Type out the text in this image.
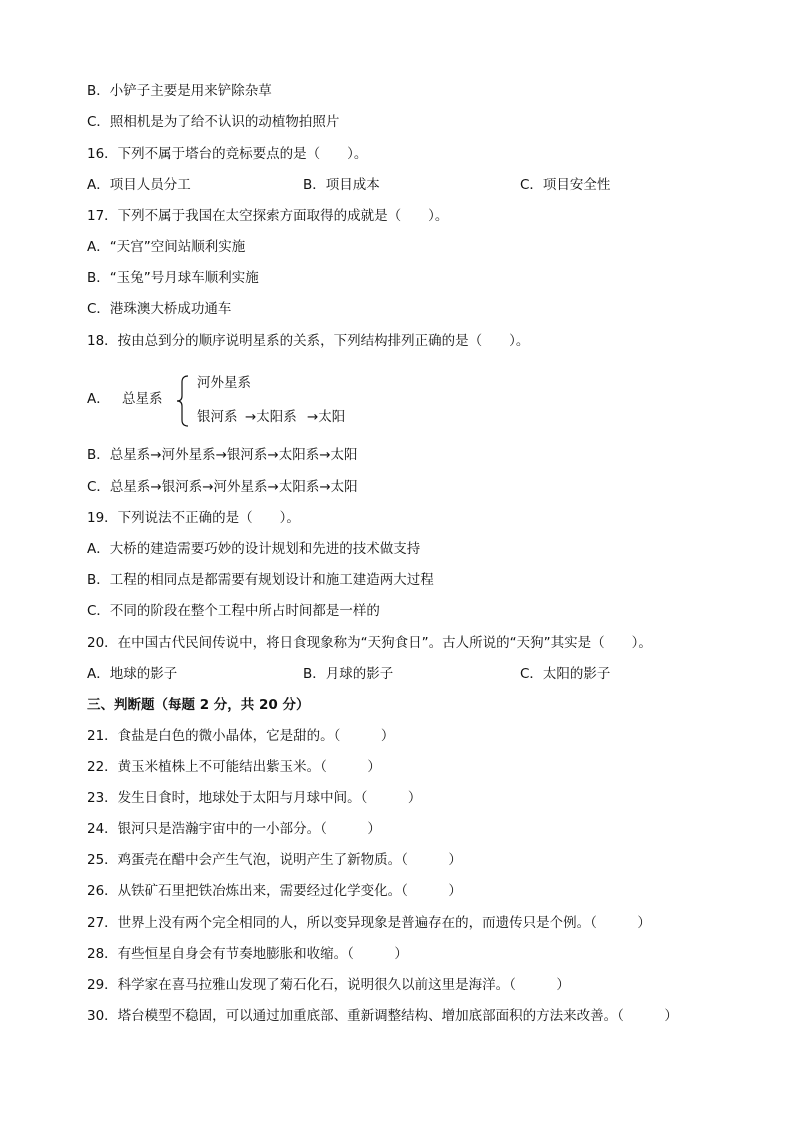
B．小铲子主要是用来铲除杂草
C．照相机是为了给不认识的动植物拍照片
16．下列不属于塔台的竞标要点的是（　　）。
A．项目人员分工	B．项目成本	C．项目安全性
17．下列不属于我国在太空探索方面取得的成就是（　　）。
A．“天宫”空间站顺利实施
B．“玉兔”号月球车顺利实施
C．港珠澳大桥成功通车
18．按由总到分的顺序说明星系的关系，下列结构排列正确的是（　　）。
A． 总星系
河外星系
银河系 →太阳系 →太阳
B．总星系→河外星系→银河系→太阳系→太阳
C．总星系→银河系→河外星系→太阳系→太阳
19．下列说法不正确的是（　　）。
A．大桥的建造需要巧妙的设计规划和先进的技术做支持
B．工程的相同点是都需要有规划设计和施工建造两大过程
C．不同的阶段在整个工程中所占时间都是一样的
20．在中国古代民间传说中，将日食现象称为“天狗食日”。古人所说的“天狗”其实是（　　）。
A．地球的影子	B．月球的影子	C．太阳的影子
三、判断题（每题 2 分，共 20 分）
21．食盐是白色的微小晶体，它是甜的。（　　　）
22．黄玉米植株上不可能结出紫玉米。（　　　）
23．发生日食时，地球处于太阳与月球中间。（　　　）
24．银河只是浩瀚宇宙中的一小部分。（　　　）
25．鸡蛋壳在醋中会产生气泡，说明产生了新物质。（　　　）
26．从铁矿石里把铁冶炼出来，需要经过化学变化。（　　　）
27．世界上没有两个完全相同的人，所以变异现象是普遍存在的，而遗传只是个例。（　　　）
28．有些恒星自身会有节奏地膨胀和收缩。（　　　）
29．科学家在喜马拉雅山发现了菊石化石，说明很久以前这里是海洋。（　　　）
30．塔台模型不稳固，可以通过加重底部、重新调整结构、增加底部面积的方法来改善。（　　　）
